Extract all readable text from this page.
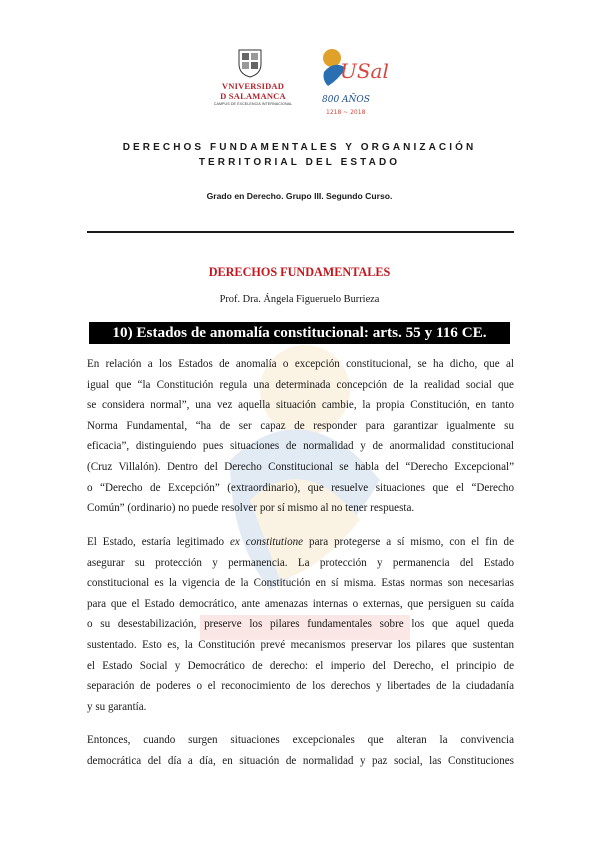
VNIVERSIDAD
D SALAMANCA
CAMPUS DE EXCELENCIA INTERNACIONAL
USal
800 AÑOS
1218 ~ 2018
DERECHOS FUNDAMENTALES Y ORGANIZACIÓN
TERRITORIAL DEL ESTADO
Grado en Derecho. Grupo III. Segundo Curso.
DERECHOS FUNDAMENTALES
Prof. Dra. Ángela Figueruelo Burrieza
10) Estados de anomalía constitucional: arts. 55 y 116 CE.
En relación a los Estados de anomalía o excepción constitucional, se ha dicho, que al
igual que “la Constitución regula una determinada concepción de la realidad social que
se considera normal”, una vez aquella situación cambie, la propia Constitución, en tanto
Norma Fundamental, “ha de ser capaz de responder para garantizar igualmente su
eficacia”, distinguiendo pues situaciones de normalidad y de anormalidad constitucional
(Cruz Villalón). Dentro del Derecho Constitucional se habla del “Derecho Excepcional”
o “Derecho de Excepción” (extraordinario), que resuelve situaciones que el “Derecho
Común” (ordinario) no puede resolver por sí mismo al no tener respuesta.
El Estado, estaría legitimado ex constitutione para protegerse a sí mismo, con el fin de
asegurar su protección y permanencia. La protección y permanencia del Estado
constitucional es la vigencia de la Constitución en sí misma. Estas normas son necesarias
para que el Estado democrático, ante amenazas internas o externas, que persiguen su caída
o su desestabilización, preserve los pilares fundamentales sobre los que aquel queda
sustentado. Esto es, la Constitución prevé mecanismos preservar los pilares que sustentan
el Estado Social y Democrático de derecho: el imperio del Derecho, el principio de
separación de poderes o el reconocimiento de los derechos y libertades de la ciudadanía
y su garantía.
Entonces, cuando surgen situaciones excepcionales que alteran la convivencia
democrática del día a día, en situación de normalidad y paz social, las Constituciones
